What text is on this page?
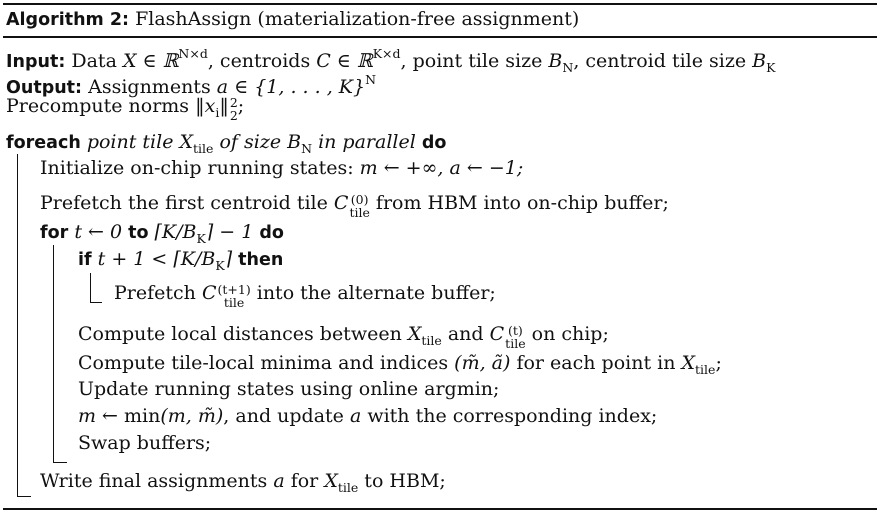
Algorithm 2: FlashAssign (materialization-free assignment)
Input: Data X ∈ ℝ$^{N\times d}$, centroids C ∈ ℝ$^{K\times d}$, point tile size $B_N$, centroid tile size $B_K$
Output: Assignments a ∈ {1, . . . , K}$^N$
Precompute norms $‖x_i‖$ 2
2 ;
foreach point tile $X_{tile}$ of size $B_N$ in parallel do
Initialize on-chip running states: m ← +∞, a ← −1;
Prefetch the first centroid tile C (0)
tile from HBM into on-chip buffer;
for t ← 0 to $⌈K/B_K⌉ - 1$ do
if $t + 1 < ⌈K/B_K⌉$ then
Prefetch C (t+1)
tile into the alternate buffer;
Compute local distances between $X_{tile}$ and C (t)
tile on chip;
Compute tile-local minima and indices (m̃, ã) for each point in $X_{tile}$;
Update running states using online argmin;
m ← min(m, m̃), and update a with the corresponding index;
Swap buffers;
Write final assignments a for $X_{tile}$ to HBM;
